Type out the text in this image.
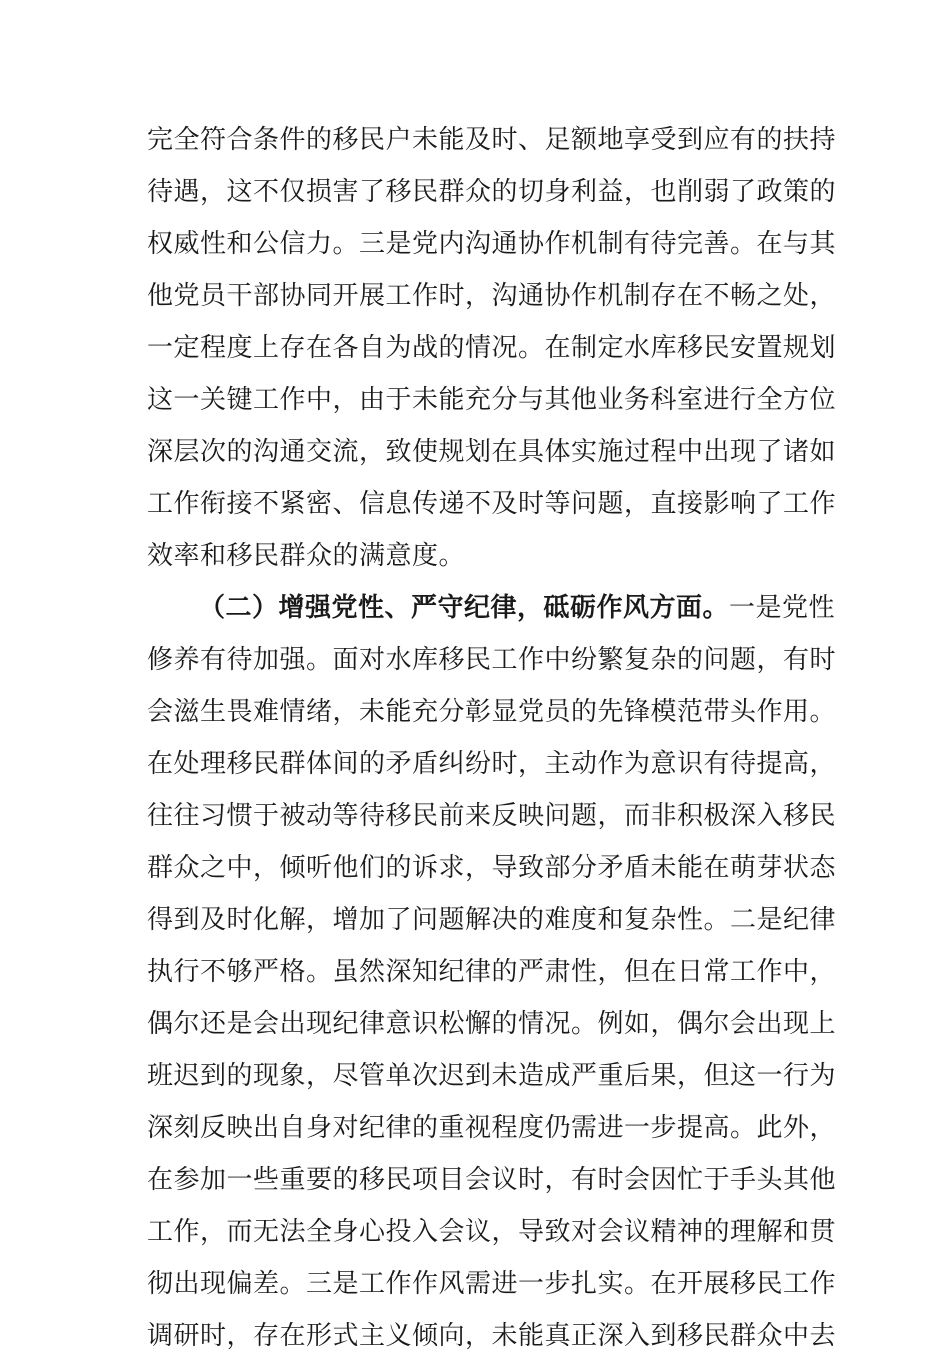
完全符合条件的移民户未能及时、足额地享受到应有的扶持
待遇，这不仅损害了移民群众的切身利益，也削弱了政策的
权威性和公信力。三是党内沟通协作机制有待完善。在与其
他党员干部协同开展工作时，沟通协作机制存在不畅之处，
一定程度上存在各自为战的情况。在制定水库移民安置规划
这一关键工作中，由于未能充分与其他业务科室进行全方位
深层次的沟通交流，致使规划在具体实施过程中出现了诸如
工作衔接不紧密、信息传递不及时等问题，直接影响了工作
效率和移民群众的满意度。
（二）增强党性、严守纪律，砥砺作风方面。一是党性
修养有待加强。面对水库移民工作中纷繁复杂的问题，有时
会滋生畏难情绪，未能充分彰显党员的先锋模范带头作用。
在处理移民群体间的矛盾纠纷时，主动作为意识有待提高，
往往习惯于被动等待移民前来反映问题，而非积极深入移民
群众之中，倾听他们的诉求，导致部分矛盾未能在萌芽状态
得到及时化解，增加了问题解决的难度和复杂性。二是纪律
执行不够严格。虽然深知纪律的严肃性，但在日常工作中，
偶尔还是会出现纪律意识松懈的情况。例如，偶尔会出现上
班迟到的现象，尽管单次迟到未造成严重后果，但这一行为
深刻反映出自身对纪律的重视程度仍需进一步提高。此外，
在参加一些重要的移民项目会议时，有时会因忙于手头其他
工作，而无法全身心投入会议，导致对会议精神的理解和贯
彻出现偏差。三是工作作风需进一步扎实。在开展移民工作
调研时，存在形式主义倾向，未能真正深入到移民群众中去
